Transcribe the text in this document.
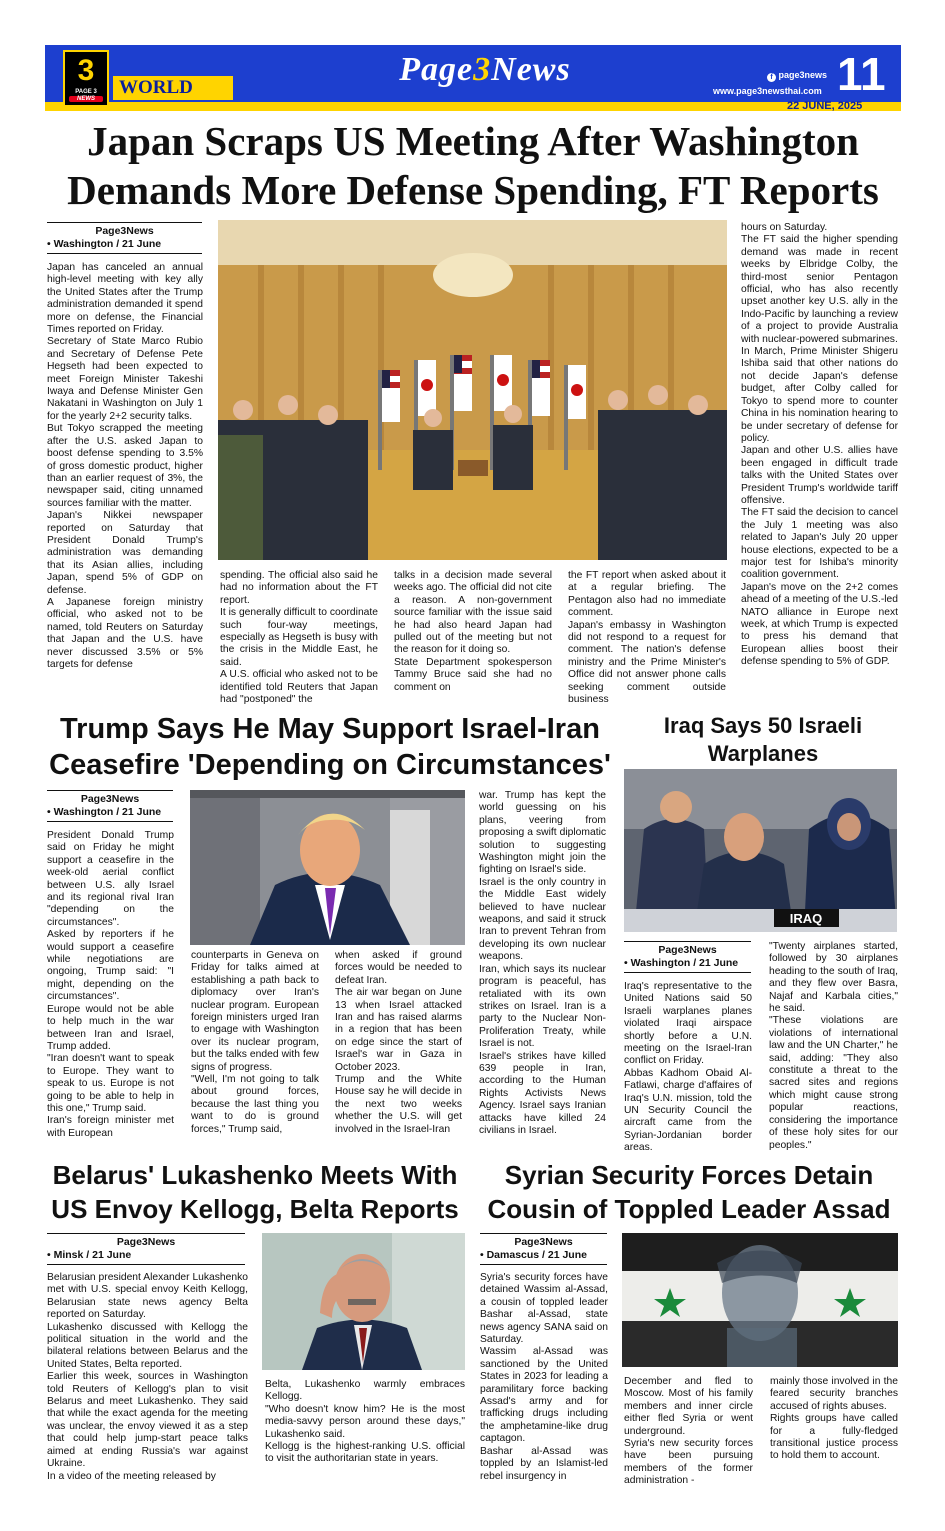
3
PAGE 3
NEWS
WORLD	Page3News	f page3news
www.page3newsthai.com 11
22 JUNE, 2025
Japan Scraps US Meeting After Washington Demands More Defense Spending, FT Reports
Page3News
• Washington / 21 June

Japan has canceled an annual high-level meeting with key ally the United States after the Trump administration demanded it spend more on defense, the Financial Times reported on Friday.

Secretary of State Marco Rubio and Secretary of Defense Pete Hegseth had been expected to meet Foreign Minister Takeshi Iwaya and Defense Minister Gen Nakatani in Washington on July 1 for the yearly 2+2 security talks.

But Tokyo scrapped the meeting after the U.S. asked Japan to boost defense spending to 3.5% of gross domestic product, higher than an earlier request of 3%, the newspaper said, citing unnamed sources familiar with the matter.

Japan's Nikkei newspaper reported on Saturday that President Donald Trump's administration was demanding that its Asian allies, including Japan, spend 5% of GDP on defense.

A Japanese foreign ministry official, who asked not to be named, told Reuters on Saturday that Japan and the U.S. have never discussed 3.5% or 5% targets for defense

spending. The official also said he had no information about the FT report.

It is generally difficult to coordinate such four-way meetings, especially as Hegseth is busy with the crisis in the Middle East, he said.

A U.S. official who asked not to be identified told Reuters that Japan had "postponed" the

talks in a decision made several weeks ago. The official did not cite a reason. A non-government source familiar with the issue said he had also heard Japan had pulled out of the meeting but not the reason for it doing so.

State Department spokesperson Tammy Bruce said she had no comment on

the FT report when asked about it at a regular briefing. The Pentagon also had no immediate comment.

Japan's embassy in Washington did not respond to a request for comment. The nation's defense ministry and the Prime Minister's Office did not answer phone calls seeking comment outside business

hours on Saturday.

The FT said the higher spending demand was made in recent weeks by Elbridge Colby, the third-most senior Pentagon official, who has also recently upset another key U.S. ally in the Indo-Pacific by launching a review of a project to provide Australia with nuclear-powered submarines.

In March, Prime Minister Shigeru Ishiba said that other nations do not decide Japan's defense budget, after Colby called for Tokyo to spend more to counter China in his nomination hearing to be under secretary of defense for policy.

Japan and other U.S. allies have been engaged in difficult trade talks with the United States over President Trump's worldwide tariff offensive.

The FT said the decision to cancel the July 1 meeting was also related to Japan's July 20 upper house elections, expected to be a major test for Ishiba's minority coalition government.

Japan's move on the 2+2 comes ahead of a meeting of the U.S.-led NATO alliance in Europe next week, at which Trump is expected to press his demand that European allies boost their defense spending to 5% of GDP.

Trump Says He May Support Israel-Iran
Ceasefire 'Depending on Circumstances'
Page3News
• Washington / 21 June

President Donald Trump said on Friday he might support a ceasefire in the week-old aerial conflict between U.S. ally Israel and its regional rival Iran "depending on the circumstances".

Asked by reporters if he would support a ceasefire while negotiations are ongoing, Trump said: "I might, depending on the circumstances".

Europe would not be able to help much in the war between Iran and Israel, Trump added.

"Iran doesn't want to speak to Europe. They want to speak to us. Europe is not going to be able to help in this one," Trump said.

Iran's foreign minister met with European

counterparts in Geneva on Friday for talks aimed at establishing a path back to diplomacy over Iran's nuclear program. European foreign ministers urged Iran to engage with Washington over its nuclear program, but the talks ended with few signs of progress.

"Well, I'm not going to talk about ground forces, because the last thing you want to do is ground forces," Trump said,

when asked if ground forces would be needed to defeat Iran.

The air war began on June 13 when Israel attacked Iran and has raised alarms in a region that has been on edge since the start of Israel's war in Gaza in October 2023.

Trump and the White House say he will decide in the next two weeks whether the U.S. will get involved in the Israel-Iran

war. Trump has kept the world guessing on his plans, veering from proposing a swift diplomatic solution to suggesting Washington might join the fighting on Israel's side.

Israel is the only country in the Middle East widely believed to have nuclear weapons, and said it struck Iran to prevent Tehran from developing its own nuclear weapons.

Iran, which says its nuclear program is peaceful, has retaliated with its own strikes on Israel. Iran is a party to the Nuclear Non-Proliferation Treaty, while Israel is not.

Israel's strikes have killed 639 people in Iran, according to the Human Rights Activists News Agency. Israel says Iranian attacks have killed 24 civilians in Israel.

Iraq Says 50 Israeli Warplanes
IRAQ
Page3News
• Washington / 21 June

Iraq's representative to the United Nations said 50 Israeli warplanes planes violated Iraqi airspace shortly before a U.N. meeting on the Israel-Iran conflict on Friday.

Abbas Kadhom Obaid Al-Fatlawi, charge d'affaires of Iraq's U.N. mission, told the UN Security Council the aircraft came from the Syrian-Jordanian border areas.

"Twenty airplanes started, followed by 30 airplanes heading to the south of Iraq, and they flew over Basra, Najaf and Karbala cities," he said.

"These violations are violations of international law and the UN Charter," he said, adding: "They also constitute a threat to the sacred sites and regions which might cause strong popular reactions, considering the importance of these holy sites for our peoples."

Belarus' Lukashenko Meets With
US Envoy Kellogg, Belta Reports
Page3News
• Minsk / 21 June

Belarusian president Alexander Lukashenko met with U.S. special envoy Keith Kellogg, Belarusian state news agency Belta reported on Saturday.

Lukashenko discussed with Kellogg the political situation in the world and the bilateral relations between Belarus and the United States, Belta reported.

Earlier this week, sources in Washington told Reuters of Kellogg's plan to visit Belarus and meet Lukashenko. They said that while the exact agenda for the meeting was unclear, the envoy viewed it as a step that could help jump-start peace talks aimed at ending Russia's war against Ukraine.

In a video of the meeting released by

Belta, Lukashenko warmly embraces Kellogg.

"Who doesn't know him? He is the most media-savvy person around these days," Lukashenko said.

Kellogg is the highest-ranking U.S. official to visit the authoritarian state in years.

Syrian Security Forces Detain
Cousin of Toppled Leader Assad
Page3News
• Damascus / 21 June

Syria's security forces have detained Wassim al-Assad, a cousin of toppled leader Bashar al-Assad, state news agency SANA said on Saturday.

Wassim al-Assad was sanctioned by the United States in 2023 for leading a paramilitary force backing Assad's army and for trafficking drugs including the amphetamine-like drug captagon.

Bashar al-Assad was toppled by an Islamist-led rebel insurgency in

December and fled to Moscow. Most of his family members and inner circle either fled Syria or went underground.

Syria's new security forces have been pursuing members of the former administration -

mainly those involved in the feared security branches accused of rights abuses.

Rights groups have called for a fully-fledged transitional justice process to hold them to account.
